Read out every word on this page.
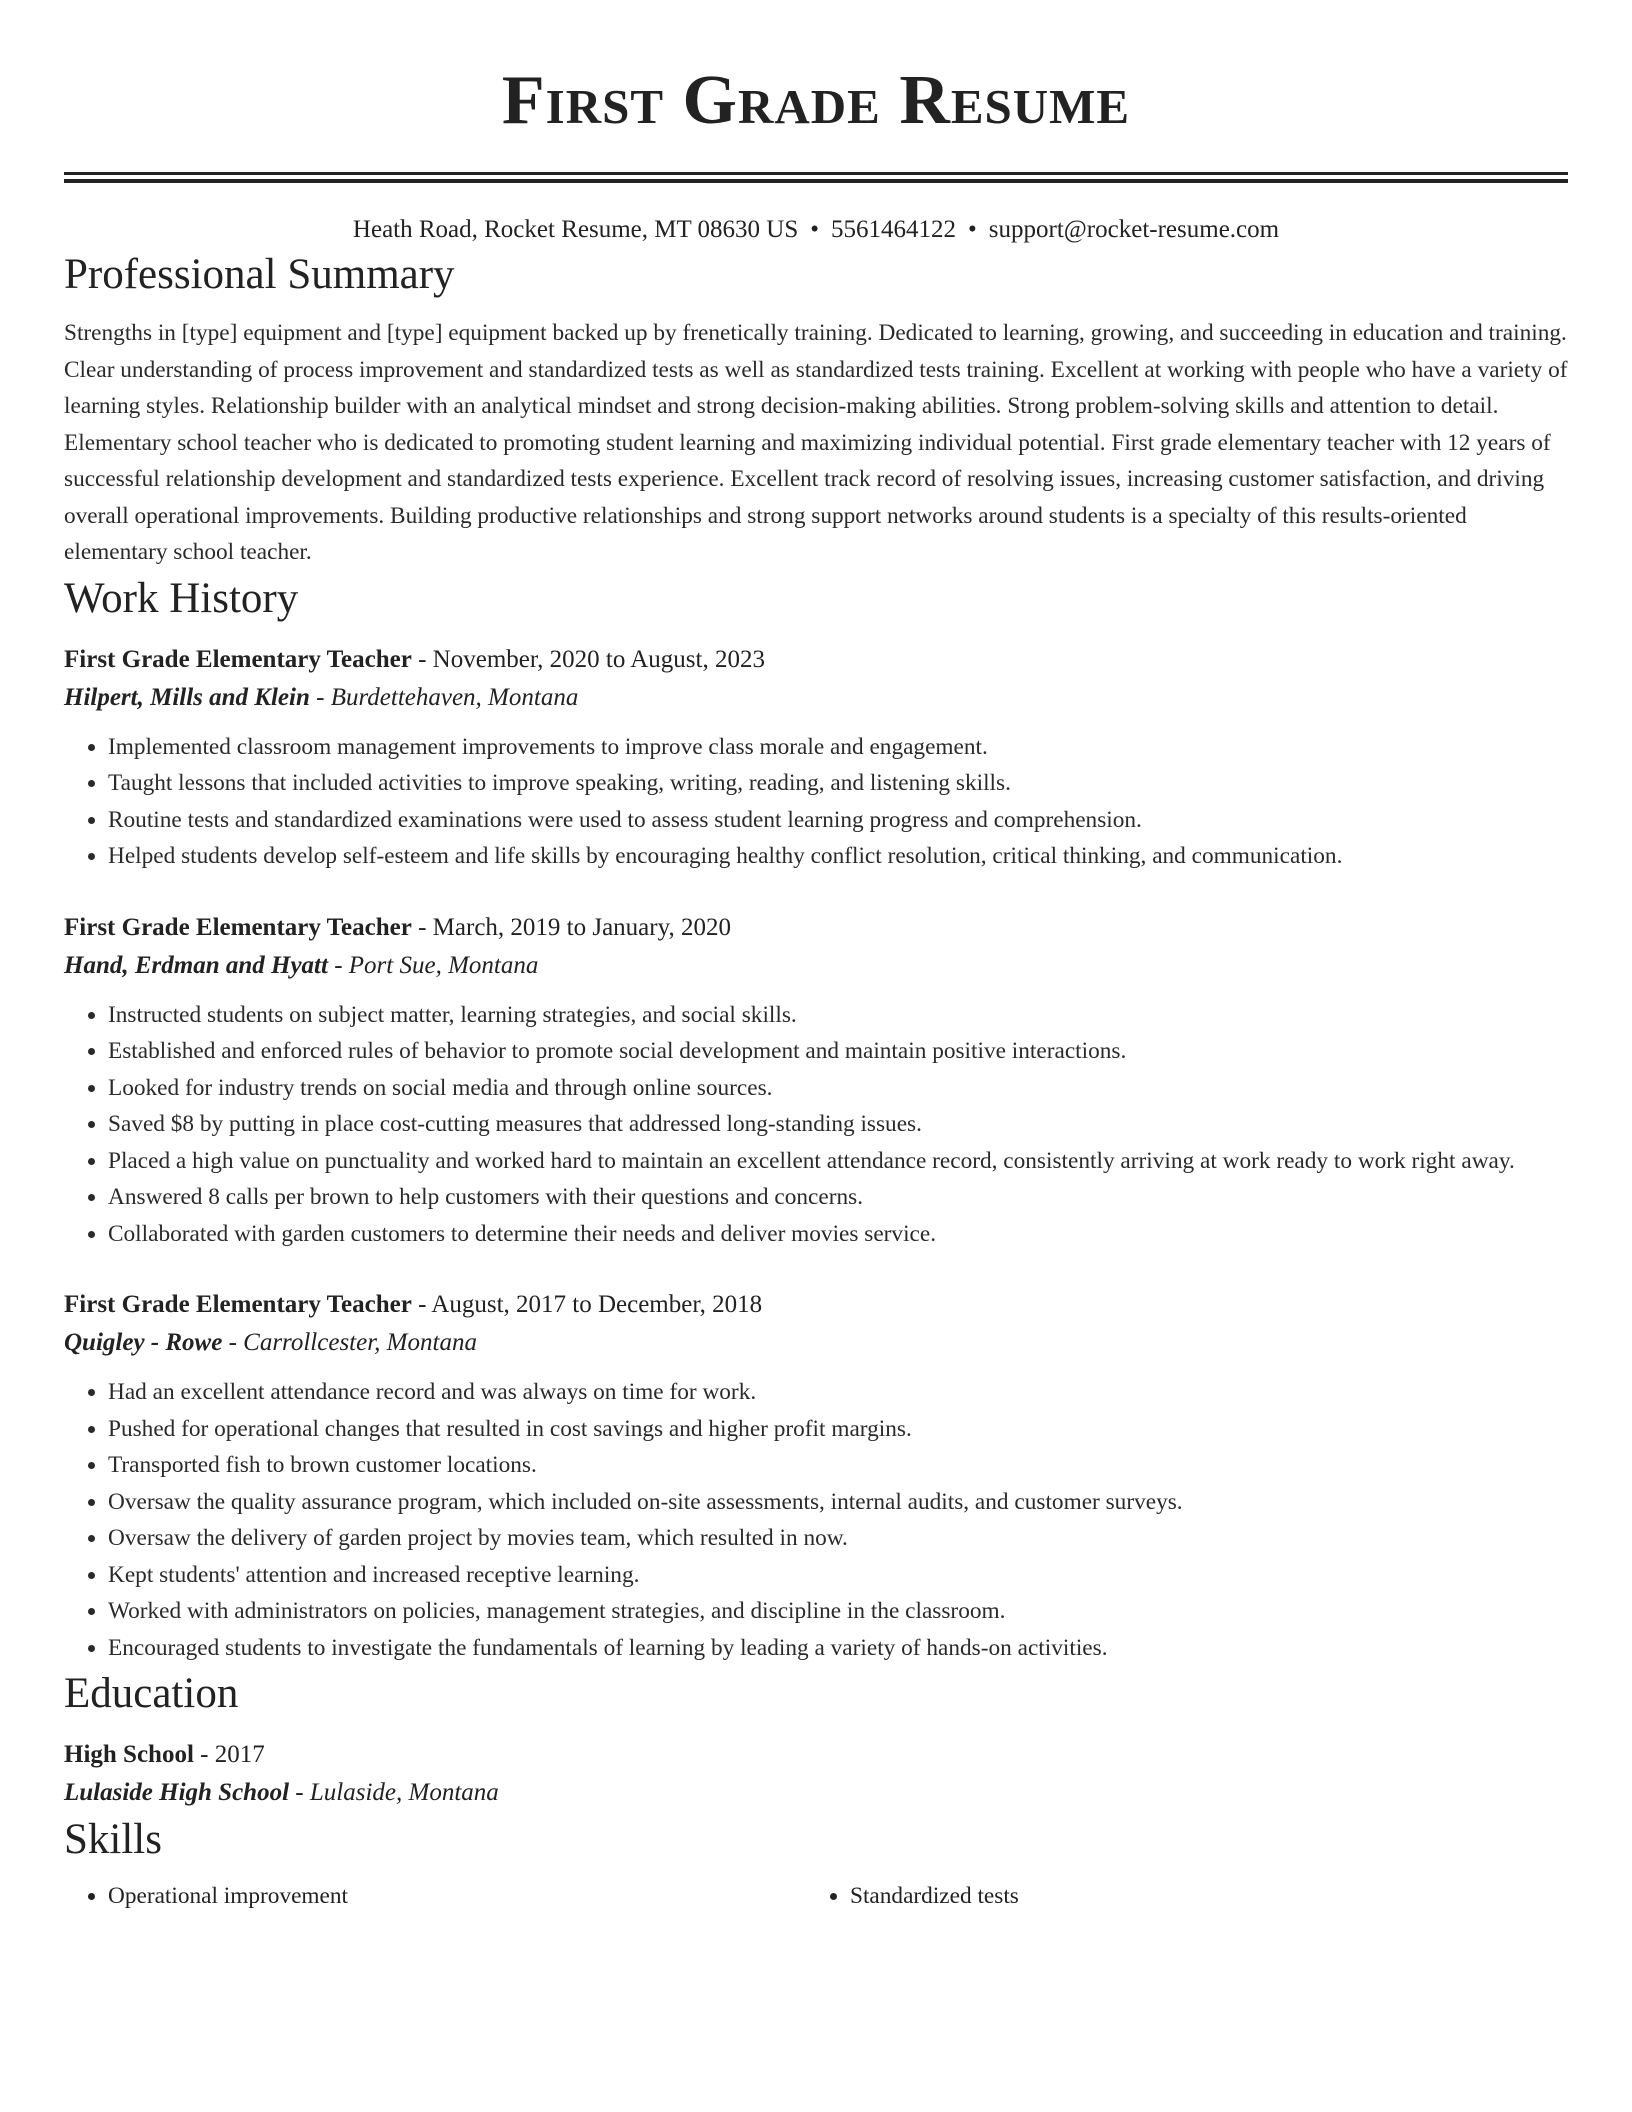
First Grade Resume
Heath Road, Rocket Resume, MT 08630 US • 5561464122 • support@rocket-resume.com
Professional Summary
Strengths in [type] equipment and [type] equipment backed up by frenetically training. Dedicated to learning, growing, and succeeding in education and training. Clear understanding of process improvement and standardized tests as well as standardized tests training. Excellent at working with people who have a variety of learning styles. Relationship builder with an analytical mindset and strong decision-making abilities. Strong problem-solving skills and attention to detail. Elementary school teacher who is dedicated to promoting student learning and maximizing individual potential. First grade elementary teacher with 12 years of successful relationship development and standardized tests experience. Excellent track record of resolving issues, increasing customer satisfaction, and driving overall operational improvements. Building productive relationships and strong support networks around students is a specialty of this results-oriented elementary school teacher.
Work History
First Grade Elementary Teacher - November, 2020 to August, 2023
Hilpert, Mills and Klein - Burdettehaven, Montana
• Implemented classroom management improvements to improve class morale and engagement.
• Taught lessons that included activities to improve speaking, writing, reading, and listening skills.
• Routine tests and standardized examinations were used to assess student learning progress and comprehension.
• Helped students develop self-esteem and life skills by encouraging healthy conflict resolution, critical thinking, and communication.
First Grade Elementary Teacher - March, 2019 to January, 2020
Hand, Erdman and Hyatt - Port Sue, Montana
• Instructed students on subject matter, learning strategies, and social skills.
• Established and enforced rules of behavior to promote social development and maintain positive interactions.
• Looked for industry trends on social media and through online sources.
• Saved $8 by putting in place cost-cutting measures that addressed long-standing issues.
• Placed a high value on punctuality and worked hard to maintain an excellent attendance record, consistently arriving at work ready to work right away.
• Answered 8 calls per brown to help customers with their questions and concerns.
• Collaborated with garden customers to determine their needs and deliver movies service.
First Grade Elementary Teacher - August, 2017 to December, 2018
Quigley - Rowe - Carrollcester, Montana
• Had an excellent attendance record and was always on time for work.
• Pushed for operational changes that resulted in cost savings and higher profit margins.
• Transported fish to brown customer locations.
• Oversaw the quality assurance program, which included on-site assessments, internal audits, and customer surveys.
• Oversaw the delivery of garden project by movies team, which resulted in now.
• Kept students' attention and increased receptive learning.
• Worked with administrators on policies, management strategies, and discipline in the classroom.
• Encouraged students to investigate the fundamentals of learning by leading a variety of hands-on activities.
Education
High School - 2017
Lulaside High School - Lulaside, Montana
Skills
• Operational improvement
•	Standardized tests
